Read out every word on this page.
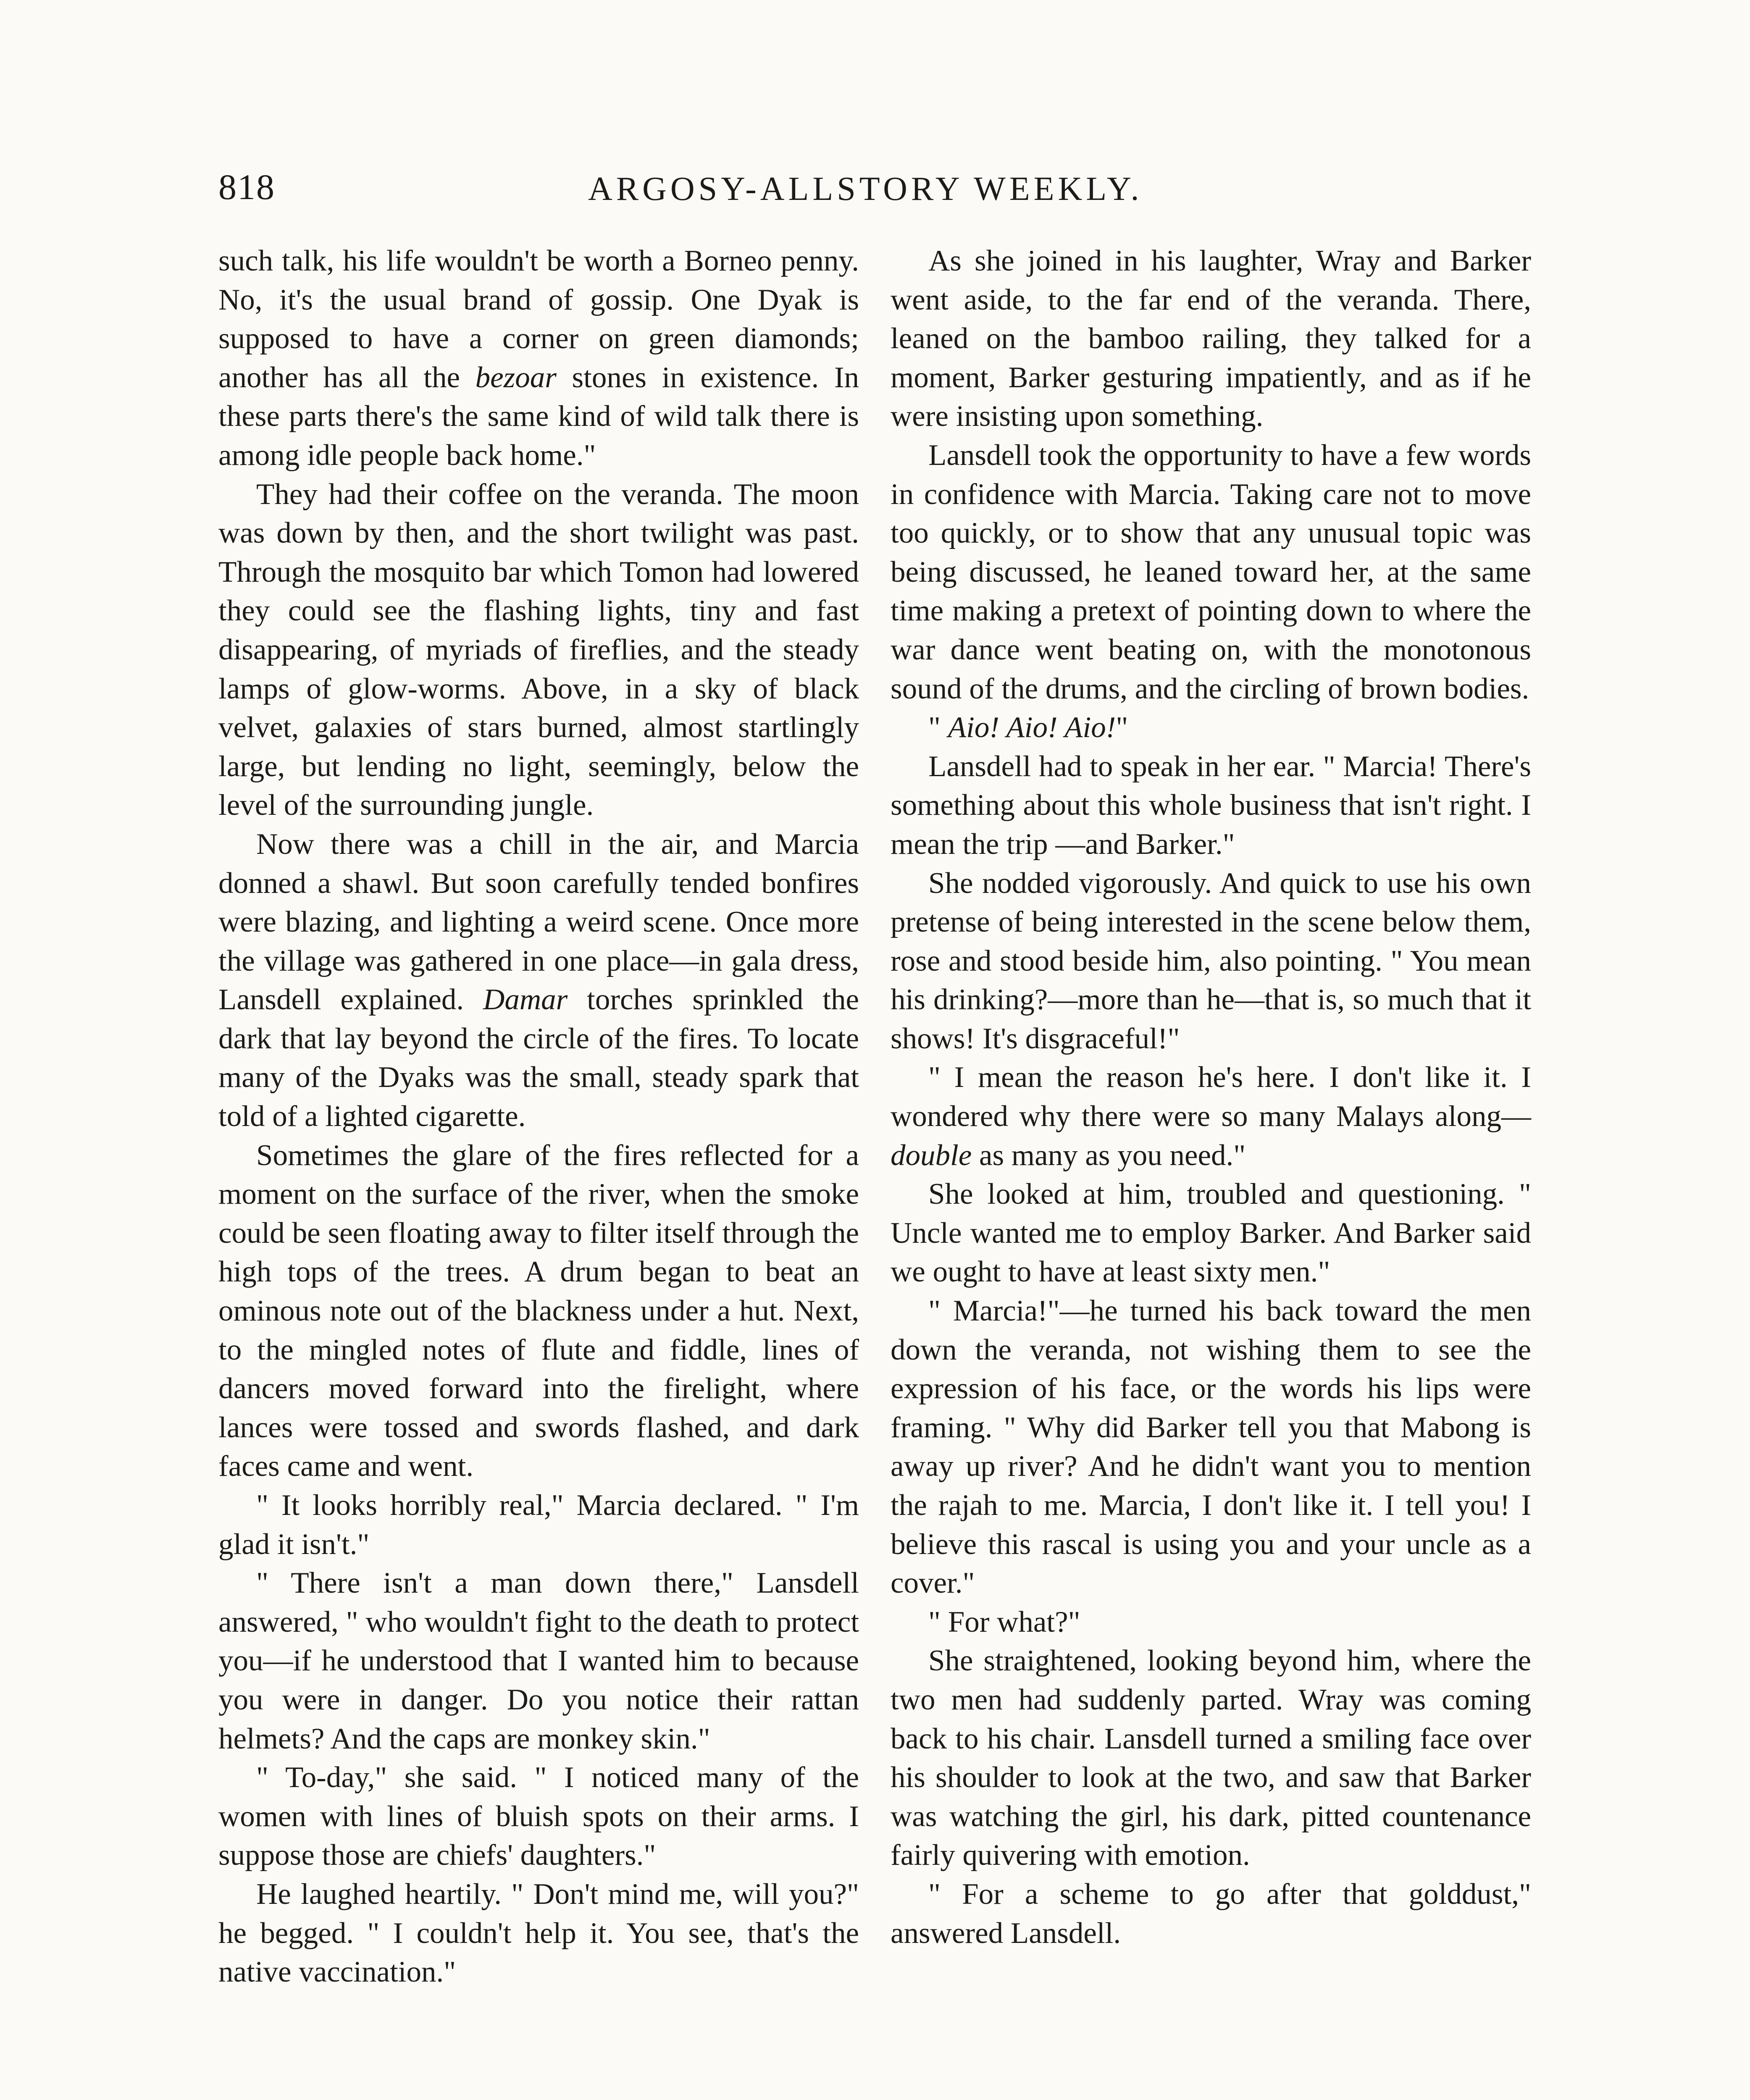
818	ARGOSY-ALLSTORY WEEKLY.

such talk, his life wouldn't be worth a Borneo penny. No, it's the usual brand of gossip. One Dyak is supposed to have a corner on green diamonds; another has all the bezoar stones in existence. In these parts there's the same kind of wild talk there is among idle people back home."

They had their coffee on the veranda. The moon was down by then, and the short twilight was past. Through the mosquito bar which Tomon had lowered they could see the flashing lights, tiny and fast disappearing, of myriads of fireflies, and the steady lamps of glow-worms. Above, in a sky of black velvet, galaxies of stars burned, almost startlingly large, but lending no light, seemingly, below the level of the surrounding jungle.

Now there was a chill in the air, and Marcia donned a shawl. But soon carefully tended bonfires were blazing, and lighting a weird scene. Once more the village was gathered in one place—in gala dress, Lansdell explained. Damar torches sprinkled the dark that lay beyond the circle of the fires. To locate many of the Dyaks was the small, steady spark that told of a lighted cigarette.

Sometimes the glare of the fires reflected for a moment on the surface of the river, when the smoke could be seen floating away to filter itself through the high tops of the trees. A drum began to beat an ominous note out of the blackness under a hut. Next, to the mingled notes of flute and fiddle, lines of dancers moved forward into the firelight, where lances were tossed and swords flashed, and dark faces came and went.

" It looks horribly real," Marcia declared. " I'm glad it isn't."

" There isn't a man down there," Lansdell answered, " who wouldn't fight to the death to protect you—if he understood that I wanted him to because you were in danger. Do you notice their rattan helmets? And the caps are monkey skin."

" To-day," she said. " I noticed many of the women with lines of bluish spots on their arms. I suppose those are chiefs' daughters."

He laughed heartily. " Don't mind me, will you?" he begged. " I couldn't help it. You see, that's the native vaccination."

As she joined in his laughter, Wray and Barker went aside, to the far end of the veranda. There, leaned on the bamboo railing, they talked for a moment, Barker gesturing impatiently, and as if he were insisting upon something.

Lansdell took the opportunity to have a few words in confidence with Marcia. Taking care not to move too quickly, or to show that any unusual topic was being discussed, he leaned toward her, at the same time making a pretext of pointing down to where the war dance went beating on, with the monotonous sound of the drums, and the circling of brown bodies.

" Aio! Aio! Aio!"

Lansdell had to speak in her ear. " Marcia! There's something about this whole business that isn't right. I mean the trip —and Barker."

She nodded vigorously. And quick to use his own pretense of being interested in the scene below them, rose and stood beside him, also pointing. " You mean his drinking?—more than he—that is, so much that it shows! It's disgraceful!"

" I mean the reason he's here. I don't like it. I wondered why there were so many Malays along—double as many as you need."

She looked at him, troubled and questioning. " Uncle wanted me to employ Barker. And Barker said we ought to have at least sixty men."

" Marcia!"—he turned his back toward the men down the veranda, not wishing them to see the expression of his face, or the words his lips were framing. " Why did Barker tell you that Mabong is away up river? And he didn't want you to mention the rajah to me. Marcia, I don't like it. I tell you! I believe this rascal is using you and your uncle as a cover."

" For what?"

She straightened, looking beyond him, where the two men had suddenly parted. Wray was coming back to his chair. Lansdell turned a smiling face over his shoulder to look at the two, and saw that Barker was watching the girl, his dark, pitted countenance fairly quivering with emotion.

" For a scheme to go after that golddust," answered Lansdell.
